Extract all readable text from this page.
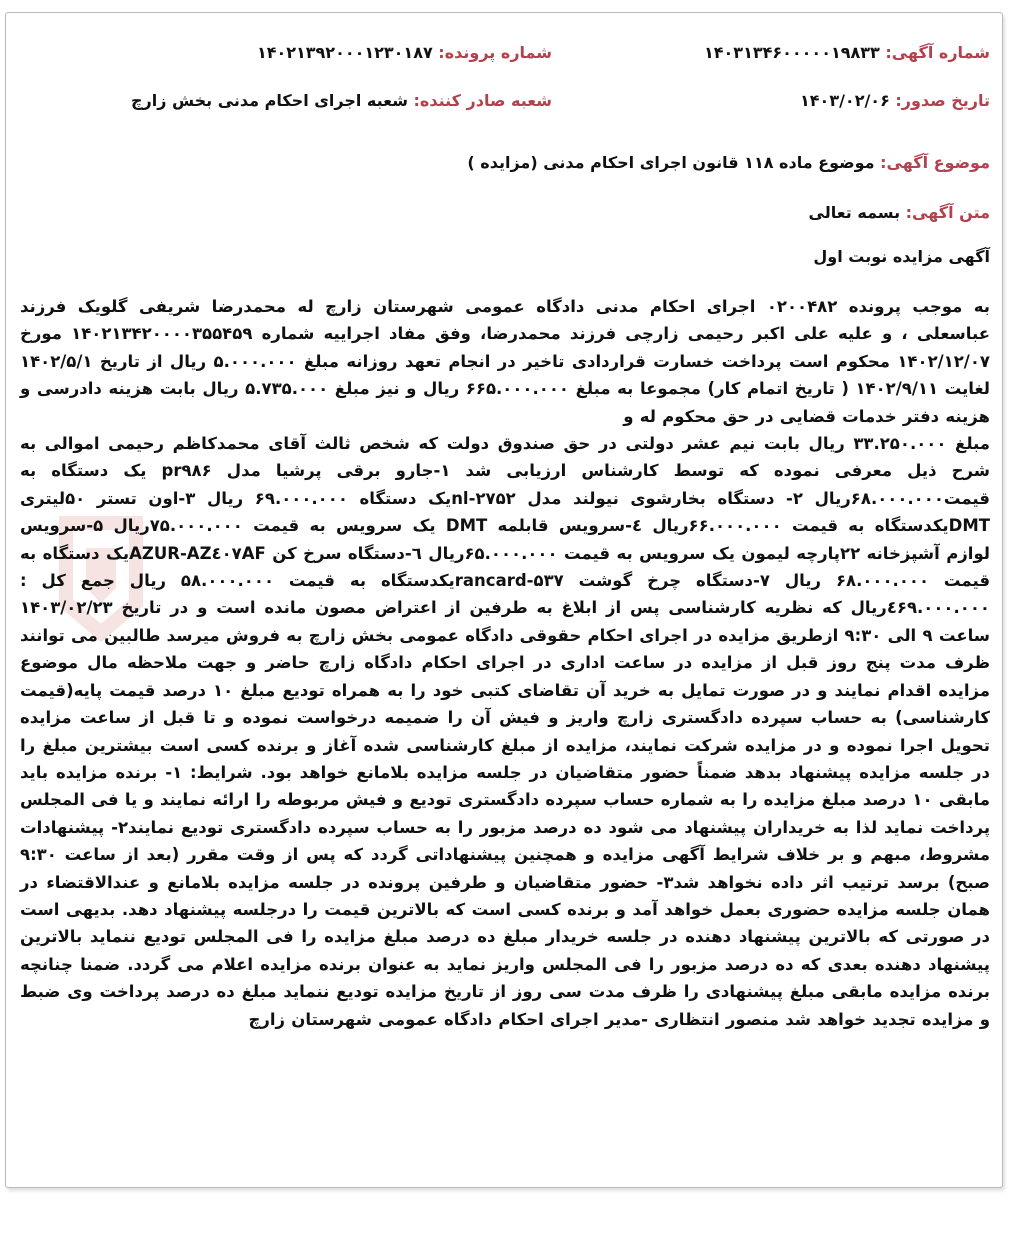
شماره آگهی: ۱۴۰۳۱۳۴۶۰۰۰۰۰۱۹۸۳۳
شماره پرونده: ۱۴۰۲۱۳۹۲۰۰۰۱۲۳۰۱۸۷
تاریخ صدور: ۱۴۰۳/۰۲/۰۶
شعبه صادر کننده: شعبه اجرای احکام مدنی بخش زارچ
موضوع آگهی: موضوع ماده ۱۱۸ قانون اجرای احکام مدنی (مزایده )
متن آگهی: بسمه تعالی
آگهی مزایده نوبت اول

به موجب پرونده ۰۲۰۰۴۸۲ اجرای احکام مدنی دادگاه عمومی شهرستان زارچ له محمدرضا شریفی گلویک فرزند عباسعلی ، و علیه علی اکبر رحیمی زارچی فرزند محمدرضا، وفق مفاد اجراییه شماره ۱۴۰۲۱۳۴۲۰۰۰۰۳۵۵۴۵۹ مورخ ۱۴۰۲/۱۲/۰۷ محکوم است پرداخت خسارت قراردادی تاخیر در انجام تعهد روزانه مبلغ ۵.۰۰۰.۰۰۰ ریال از تاریخ ۱۴۰۲/۵/۱ لغایت ۱۴۰۲/۹/۱۱ ( تاریخ اتمام کار) مجموعا به مبلغ ۶۶۵.۰۰۰.۰۰۰ ریال و نیز مبلغ ۵.۷۳۵.۰۰۰ ریال بابت هزینه دادرسی و هزینه دفتر خدمات قضایی در حق محکوم له و

مبلغ ۳۳.۲۵۰.۰۰۰ ریال بابت نیم عشر دولتی در حق صندوق دولت که شخص ثالث آقای محمدکاظم رحیمی اموالی به شرح ذیل معرفی نموده که توسط کارشناس ارزیابی شد ۱-جارو برقی پرشیا مدل pr۹۸۶ یک دستگاه به قیمت۶۸.۰۰۰.۰۰۰ریال ۲- دستگاه بخارشوی نیولند مدل nl-۲۷۵۲یک دستگاه ۶۹.۰۰۰.۰۰۰ ریال ۳-اون تستر ۵۰لیتری DMTیکدستگاه به قیمت ۶۶.۰۰۰.۰۰۰ریال ٤-سرویس قابلمه DMT یک سرویس به قیمت ۷۵.۰۰۰.۰۰۰ریال ۵-سرویس لوازم آشپزخانه ۲۲پارچه لیمون یک سرویس به قیمت ۶۵.۰۰۰.۰۰۰ریال ٦-دستگاه سرخ کن AZUR-AZ٤۰۷AFیک دستگاه به قیمت ۶۸.۰۰۰.۰۰۰ ریال ۷-دستگاه چرخ گوشت rancard-۵۳۷یکدستگاه به قیمت ۵۸.۰۰۰.۰۰۰ ریال جمع کل : ٤۶۹.۰۰۰.۰۰۰ریال که نظریه کارشناسی پس از ابلاغ به طرفین از اعتراض مصون مانده است و در تاریخ ۱۴۰۳/۰۲/۲۳ ساعت ۹ الی ۹:۳۰ ازطریق مزایده در اجرای احکام حقوقی دادگاه عمومی بخش زارچ به فروش میرسد طالبین می توانند ظرف مدت پنج روز قبل از مزایده در ساعت اداری در اجرای احکام دادگاه زارچ حاضر و جهت ملاحظه مال موضوع مزایده اقدام نمایند و در صورت تمایل به خرید آن تقاضای کتبی خود را به همراه تودیع مبلغ ۱۰ درصد قیمت پایه(قیمت کارشناسی) به حساب سپرده دادگستری زارچ واریز و فیش آن را ضمیمه درخواست نموده و تا قبل از ساعت مزایده تحویل اجرا نموده و در مزایده شرکت نمایند، مزایده از مبلغ کارشناسی شده آغاز و برنده کسی است بیشترین مبلغ را در جلسه مزایده پیشنهاد بدهد ضمناً حضور متقاضیان در جلسه مزایده بلامانع خواهد بود. شرایط: ۱- برنده مزایده باید مابقی ۱۰ درصد مبلغ مزایده را به شماره حساب سپرده دادگستری تودیع و فیش مربوطه را ارائه نمایند و یا فی المجلس پرداخت نماید لذا به خریداران پیشنهاد می شود ده درصد مزبور را به حساب سپرده دادگستری تودیع نمایند۲- پیشنهادات مشروط، مبهم و بر خلاف شرایط آگهی مزایده و همچنین پیشنهاداتی گردد که پس از وقت مقرر (بعد از ساعت ۹:۳۰ صبح) برسد ترتیب اثر داده نخواهد شد۳- حضور متقاضیان و طرفین پرونده در جلسه مزایده بلامانع و عندالاقتضاء در همان جلسه مزایده حضوری بعمل خواهد آمد و برنده کسی است که بالاترین قیمت را درجلسه پیشنهاد دهد. بدیهی است در صورتی که بالاترین پیشنهاد دهنده در جلسه خریدار مبلغ ده درصد مبلغ مزایده را فی المجلس تودیع ننماید بالاترین پیشنهاد دهنده بعدی که ده درصد مزبور را فی المجلس واریز نماید به عنوان برنده مزایده اعلام می گردد. ضمنا چنانچه برنده مزایده مابقی مبلغ پیشنهادی را ظرف مدت سی روز از تاریخ مزایده تودیع ننماید مبلغ ده درصد پرداخت وی ضبط و مزایده تجدید خواهد شد منصور انتظاری -مدیر اجرای احکام دادگاه عمومی شهرستان زارچ
